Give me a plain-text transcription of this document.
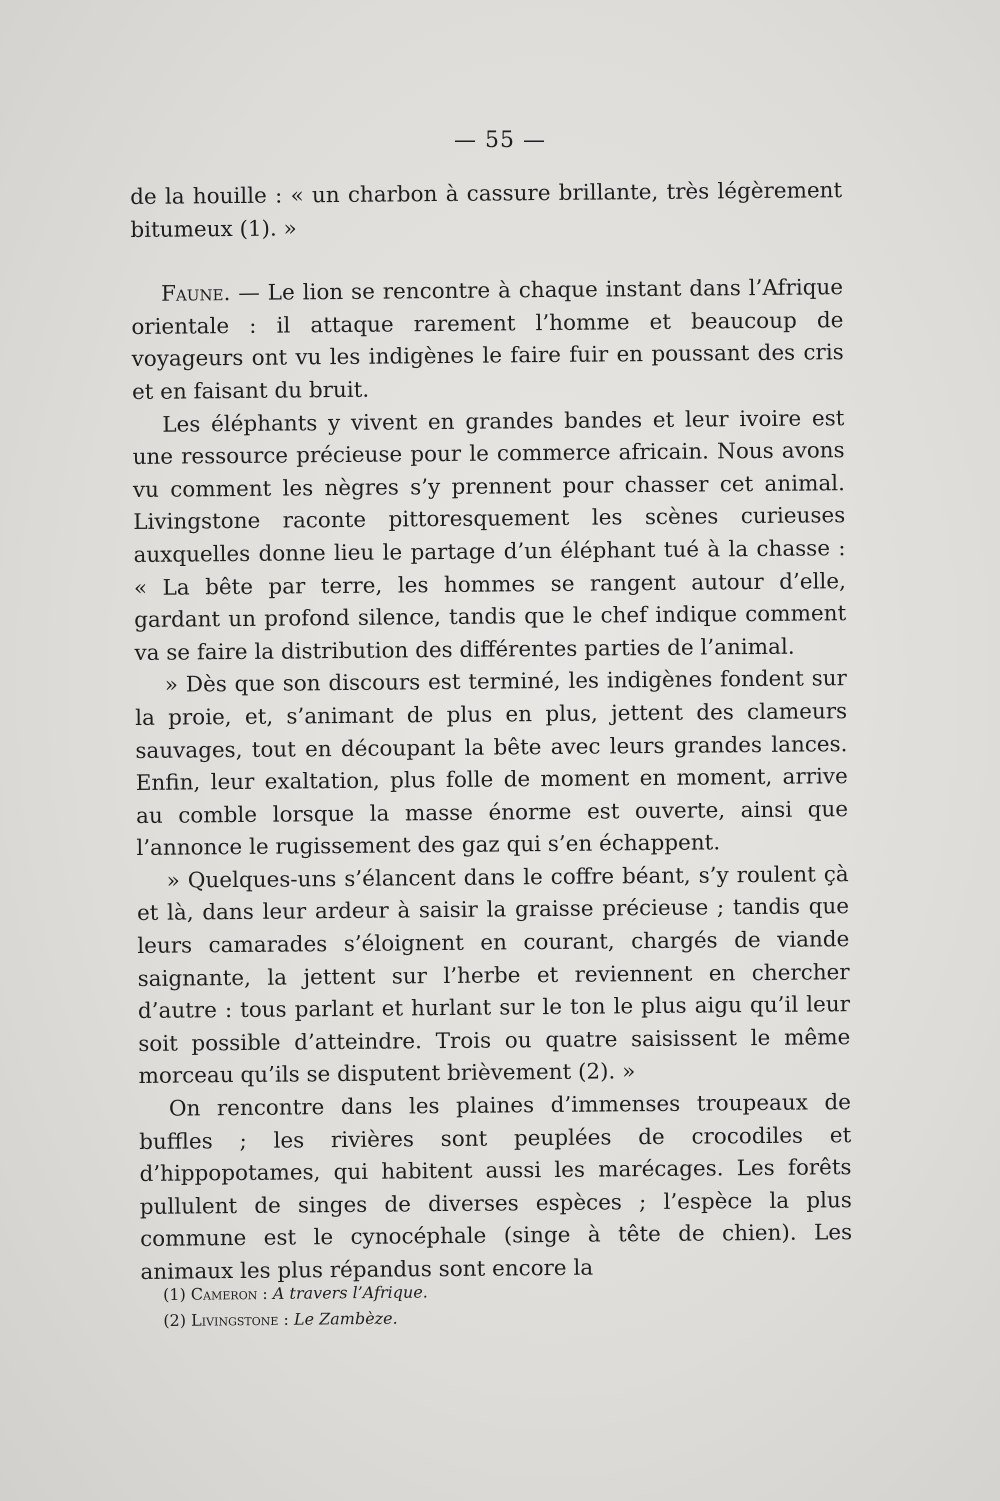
— 55 —

de la houille : « un charbon à cassure brillante, très légèrement bitumeux (1). »

Faune. — Le lion se rencontre à chaque instant dans l’Afrique orientale : il attaque rarement l’homme et beaucoup de voyageurs ont vu les indigènes le faire fuir en poussant des cris et en faisant du bruit.

Les éléphants y vivent en grandes bandes et leur ivoire est une ressource précieuse pour le commerce africain. Nous avons vu comment les nègres s’y prennent pour chasser cet animal. Livingstone raconte pittoresquement les scènes curieuses auxquelles donne lieu le partage d’un éléphant tué à la chasse : « La bête par terre, les hommes se rangent autour d’elle, gardant un profond silence, tandis que le chef indique comment va se faire la distribution des différentes parties de l’animal.

» Dès que son discours est terminé, les indigènes fondent sur la proie, et, s’animant de plus en plus, jettent des clameurs sauvages, tout en découpant la bête avec leurs grandes lances. Enfin, leur exaltation, plus folle de moment en moment, arrive au comble lorsque la masse énorme est ouverte, ainsi que l’annonce le rugissement des gaz qui s’en échappent.

» Quelques-uns s’élancent dans le coffre béant, s’y roulent çà et là, dans leur ardeur à saisir la graisse précieuse ; tandis que leurs camarades s’éloignent en courant, chargés de viande saignante, la jettent sur l’herbe et reviennent en chercher d’autre : tous parlant et hurlant sur le ton le plus aigu qu’il leur soit possible d’atteindre. Trois ou quatre saisissent le même morceau qu’ils se disputent brièvement (2). »

On rencontre dans les plaines d’immenses troupeaux de buffles ; les rivières sont peuplées de crocodiles et d’hippopotames, qui habitent aussi les marécages. Les forêts pullulent de singes de diverses espèces ; l’espèce la plus commune est le cynocéphale (singe à tête de chien). Les animaux les plus répandus sont encore la

(1) Cameron : A travers l’Afrique.
(2) Livingstone : Le Zambèze.
